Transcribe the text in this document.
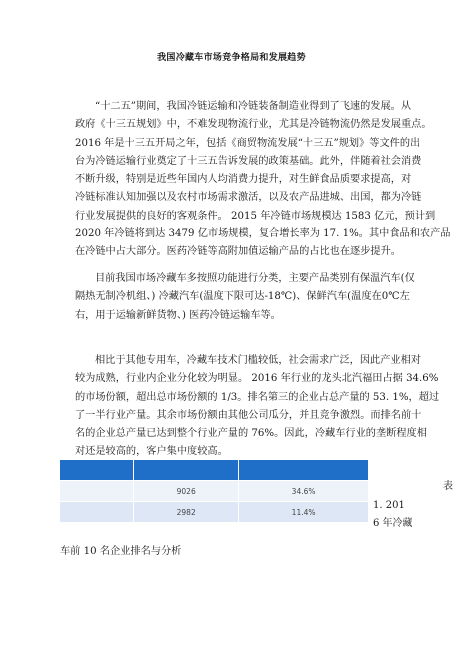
我国冷藏车市场竞争格局和发展趋势
“十二五”期间，我国冷链运输和冷链装备制造业得到了飞速的发展。从
政府《十三五规划》中，不难发现物流行业，尤其是冷链物流仍然是发展重点。
2016 年是十三五开局之年，包括《商贸物流发展“十三五”规划》等文件的出
台为冷链运输行业奠定了十三五告诉发展的政策基础。此外，伴随着社会消费
不断升级，特别是近些年国内人均消费力提升，对生鲜食品质要求提高，对
冷链标准认知加强以及农村市场需求激活，以及农产品进城、出国，都为冷链
行业发展提供的良好的客观条件。 2015 年冷链市场规模达 1583 亿元，预计到
2020 年冷链将到达 3479 亿市场规模，复合增长率为 17. 1%。其中食品和农产品
在冷链中占大部分。医药冷链等高附加值运输产品的占比也在逐步提升。
目前我国市场冷藏车多按照功能进行分类，主要产品类别有保温汽车(仅
隔热无制冷机组、) 冷藏汽车(温度下限可达-18℃)、保鲜汽车(温度在0℃左
右，用于运输新鲜货物、) 医药冷链运输车等。
相比于其他专用车，冷藏车技术门槛较低，社会需求广泛，因此产业相对
较为成熟，行业内企业分化较为明显。 2016 年行业的龙头北汽福田占据 34.6%
的市场份额，超出总市场份额的 1/3。排名第三的企业占总产量的 53. 1%，超过
了一半行业产量。其余市场份额由其他公司瓜分，并且竞争激烈。而排名前十
名的企业总产量已达到整个行业产量的 76%。因此，冷藏车行业的垄断程度相
对还是较高的，客户集中度较高。

	9026	34.6%
	2982	11.4%
表
1. 201
6 年冷藏
车前 10 名企业排名与分析
